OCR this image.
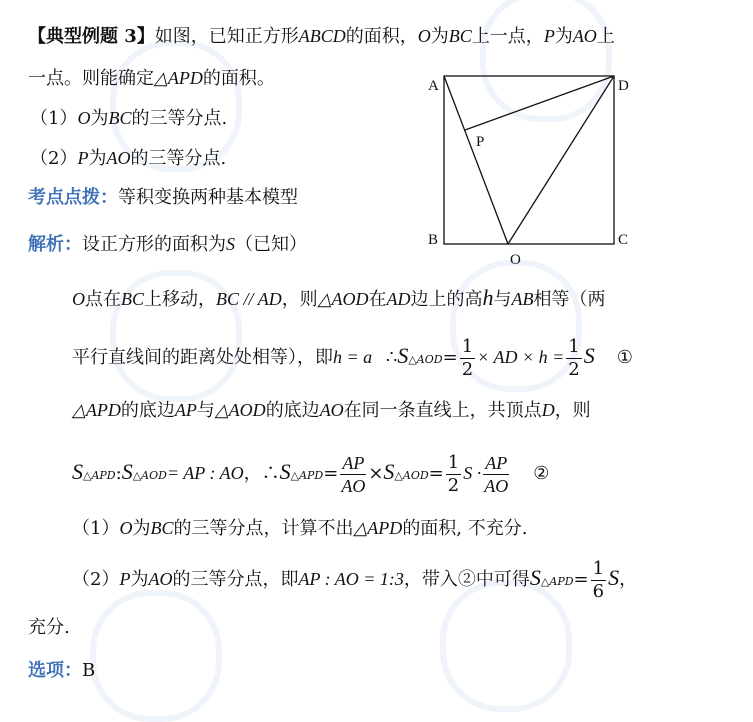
【典型例题 3】如图，已知正方形ABCD的面积，O为BC上一点，P为AO上
一点。则能确定△APD的面积。
（1）O为BC的三等分点.
（2）P为AO的三等分点.
考点点拨：等积变换两种基本模型
解析：设正方形的面积为S（已知）
A	D
B	C
O
P
O点在BC上移动，BC // AD，则△AOD在AD边上的高h与AB相等（两
平行直线间的距离处处相等），即h = a ∴S△AOD= $\frac{1}{2}$ × AD × $h = \frac{1}{2}$ S ①
△APD的底边AP与△AOD的底边AO在同一条直线上，共顶点D，则
S△APD:S△AOD= AP : AO，∴S△APD= $\frac{AP}{AO}$ ×S△AOD= $\frac{1}{2}$ $S \cdot \frac{AP}{AO}$ ②
（1）O为BC的三等分点，计算不出△APD的面积, 不充分.
（2）P为AO的三等分点，即AP : AO = 1:3，带入②中可得S△APD= $\frac{1}{6}$ S，
充分.
选项：B
